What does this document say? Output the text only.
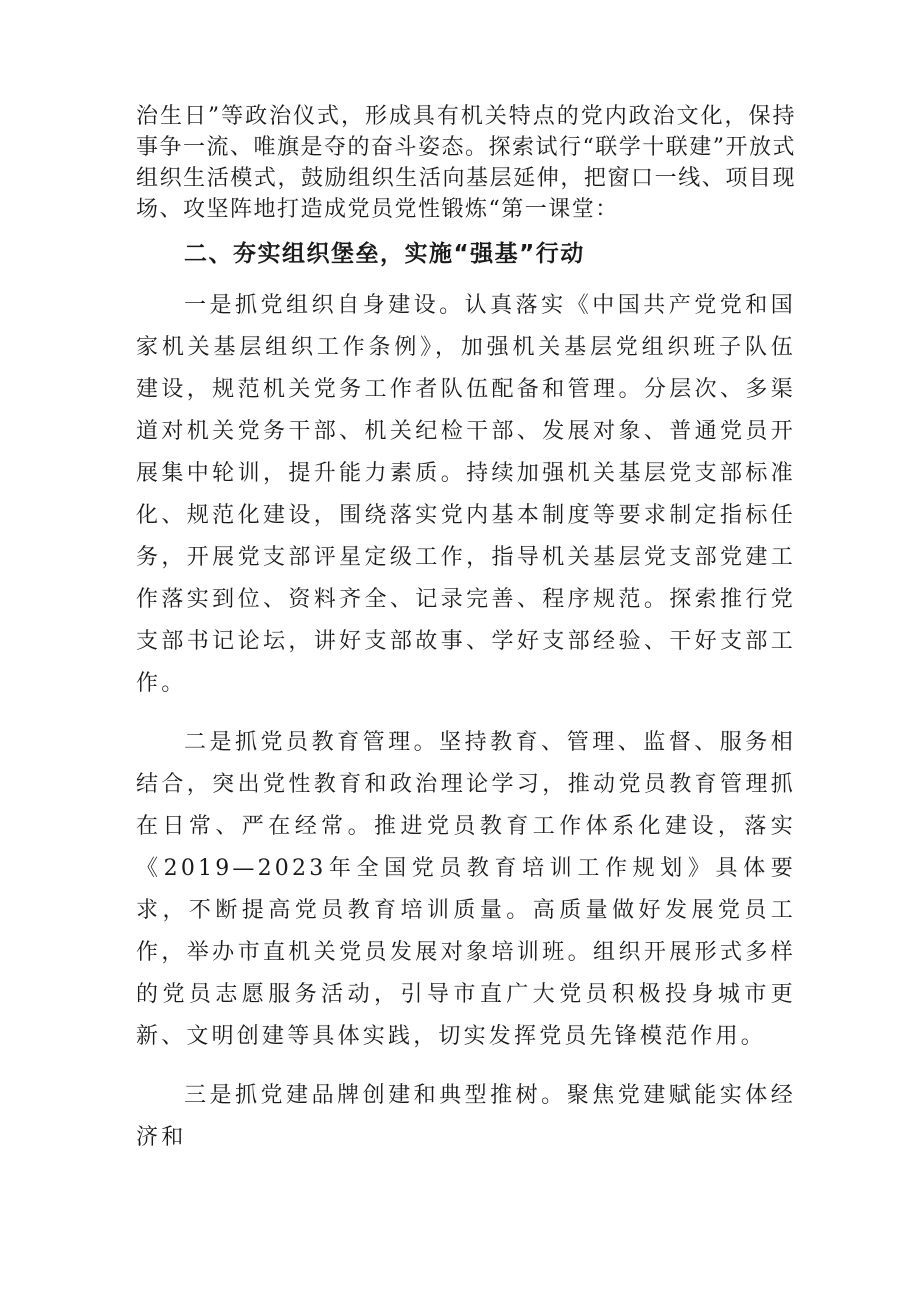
治生日”等政治仪式，形成具有机关特点的党内政治文化，保持事争一流、唯旗是夺的奋斗姿态。探索试行“联学十联建”开放式组织生活模式，鼓励组织生活向基层延伸，把窗口一线、项目现场、攻坚阵地打造成党员党性锻炼“第一课堂：

二、夯实组织堡垒，实施“强基”行动

一是抓党组织自身建设。认真落实《中国共产党党和国家机关基层组织工作条例》，加强机关基层党组织班子队伍建设，规范机关党务工作者队伍配备和管理。分层次、多渠道对机关党务干部、机关纪检干部、发展对象、普通党员开展集中轮训，提升能力素质。持续加强机关基层党支部标准化、规范化建设，围绕落实党内基本制度等要求制定指标任务，开展党支部评星定级工作，指导机关基层党支部党建工作落实到位、资料齐全、记录完善、程序规范。探索推行党支部书记论坛，讲好支部故事、学好支部经验、干好支部工作。

二是抓党员教育管理。坚持教育、管理、监督、服务相结合，突出党性教育和政治理论学习，推动党员教育管理抓在日常、严在经常。推进党员教育工作体系化建设，落实《2019—2023年全国党员教育培训工作规划》具体要求，不断提高党员教育培训质量。高质量做好发展党员工作，举办市直机关党员发展对象培训班。组织开展形式多样的党员志愿服务活动，引导市直广大党员积极投身城市更新、文明创建等具体实践，切实发挥党员先锋模范作用。

三是抓党建品牌创建和典型推树。聚焦党建赋能实体经济和
